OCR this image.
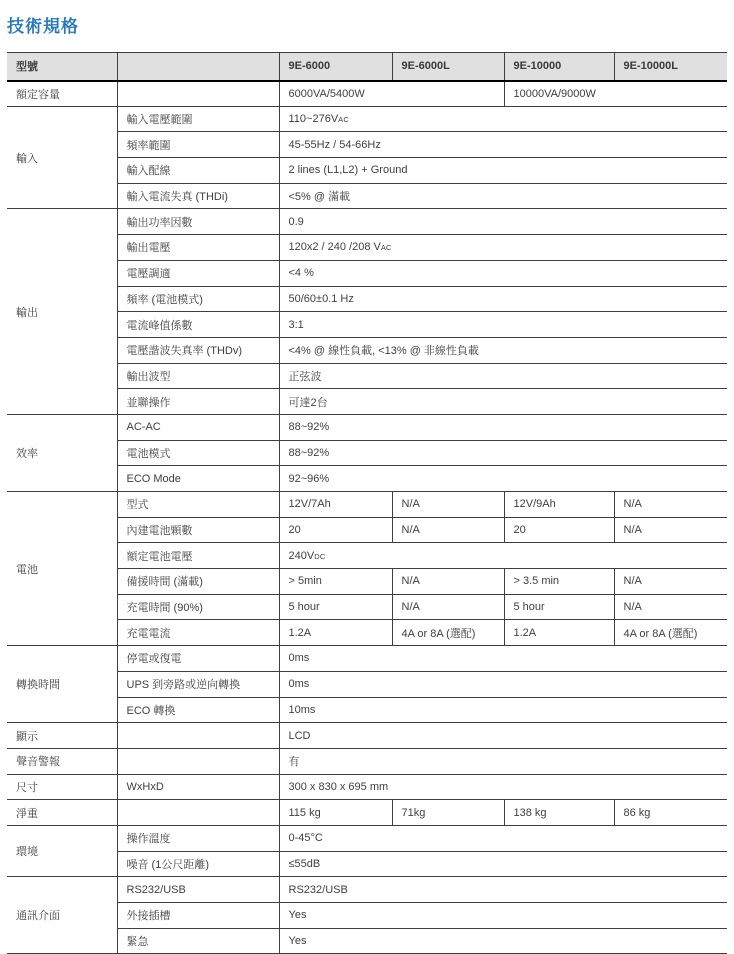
技術規格
型號		9E-6000	9E-6000L	9E-10000	9E-10000L
額定容量		6000VA/5400W		10000VA/9000W	
輸入	輸入電壓範圍	110~276VAC			
	頻率範圍	45-55Hz / 54-66Hz			
	輸入配線	2 lines (L1,L2) + Ground			
	輸入電流失真 (THDi)	<5% @ 滿載			
輸出	輸出功率因數	0.9			
	輸出電壓	120x2 / 240 /208 VAC			
	電壓調適	<4 %			
	頻率 (電池模式)	50/60±0.1 Hz			
	電流峰值係數	3:1			
	電壓諧波失真率 (THDv)	<4% @ 線性負載, <13% @ 非線性負載			
	輸出波型	正弦波			
	並聯操作	可達2台			
效率	AC-AC	88~92%			
	電池模式	88~92%			
	ECO Mode	92~96%			
電池	型式	12V/7Ah	N/A	12V/9Ah	N/A
	內建電池顆數	20	N/A	20	N/A
	額定電池電壓	240VDC			
	備援時間 (滿載)	> 5min	N/A	> 3.5 min	N/A
	充電時間 (90%)	5 hour	N/A	5 hour	N/A
	充電電流	1.2A	4A or 8A (選配)	1.2A	4A or 8A (選配)
轉換時間	停電或復電	0ms			
	UPS 到旁路或逆向轉換	0ms			
	ECO 轉換	10ms			
顯示		LCD			
聲音警報		有			
尺寸	WxHxD	300 x 830 x 695 mm			
淨重		115 kg	71kg	138 kg	86 kg
環境	操作溫度	0-45°C			
	噪音 (1公尺距離)	≤55dB			
通訊介面	RS232/USB	RS232/USB			
	外接插槽	Yes			
	緊急	Yes			
